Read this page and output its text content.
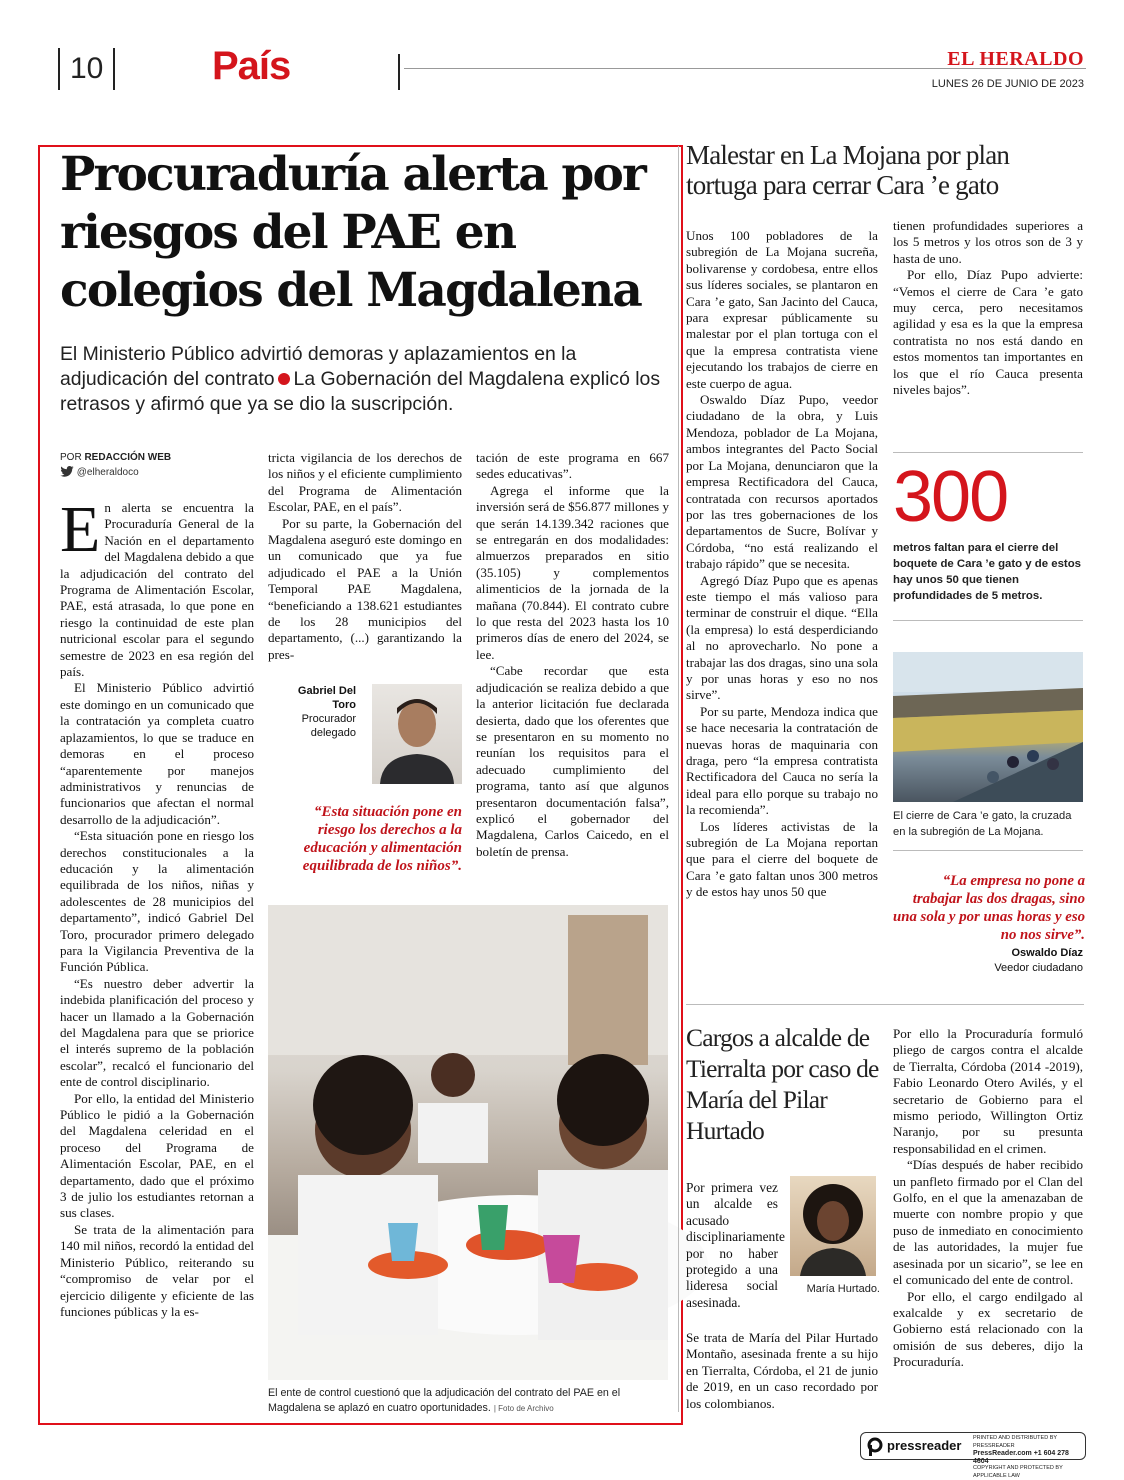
10	País	EL HERALDO
LUNES 26 DE JUNIO DE 2023
Procuraduría alerta por riesgos del PAE en colegios del Magdalena
El Ministerio Público advirtió demoras y aplazamientos en la adjudicación del contrato La Gobernación del Magdalena explicó los retrasos y afirmó que ya se dio la suscripción.
POR REDACCIÓN WEB
@elheraldoco

En alerta se encuentra la Procuraduría General de la Nación en el departamento del Magdalena debido a que la adjudicación del contrato del Programa de Alimentación Escolar, PAE, está atrasada, lo que pone en riesgo la continuidad de este plan nutricional escolar para el segundo semestre de 2023 en esa región del país.

El Ministerio Público advirtió este domingo en un comunicado que la contratación ya completa cuatro aplazamientos, lo que se traduce en demoras en el proceso “aparentemente por manejos administrativos y renuncias de funcionarios que afectan el normal desarrollo de la adjudicación”.

“Esta situación pone en riesgo los derechos constitucionales a la educación y la alimentación equilibrada de los niños, niñas y adolescentes de 28 municipios del departamento”, indicó Gabriel Del Toro, procurador primero delegado para la Vigilancia Preventiva de la Función Pública.

“Es nuestro deber advertir la indebida planificación del proceso y hacer un llamado a la Gobernación del Magdalena para que se priorice el interés supremo de la población escolar”, recalcó el funcionario del ente de control disciplinario.

Por ello, la entidad del Ministerio Público le pidió a la Gobernación del Magdalena celeridad en el proceso del Programa de Alimentación Escolar, PAE, en el departamento, dado que el próximo 3 de julio los estudiantes retornan a sus clases.

Se trata de la alimentación para 140 mil niños, recordó la entidad del Ministerio Público, reiterando su “compromiso de velar por el ejercicio diligente y eficiente de las funciones públicas y la es-

tricta vigilancia de los derechos de los niños y el eficiente cumplimiento del Programa de Alimentación Escolar, PAE, en el país”.

Por su parte, la Gobernación del Magdalena aseguró este domingo en un comunicado que ya fue adjudicado el PAE a la Unión Temporal PAE Magdalena, “beneficiando a 138.621 estudiantes de los 28 municipios del departamento, (...) garantizando la pres-

Gabriel Del Toro
Procurador delegado
“Esta situación pone en riesgo los derechos a la educación y alimentación equilibrada de los niños”.

tación de este programa en 667 sedes educativas”.

Agrega el informe que la inversión será de $56.877 millones y que serán 14.139.342 raciones que se entregarán en dos modalidades: almuerzos preparados en sitio (35.105) y complementos alimenticios de la jornada de la mañana (70.844). El contrato cubre lo que resta del 2023 hasta los 10 primeros días de enero del 2024, se lee.

“Cabe recordar que esta adjudicación se realiza debido a que la anterior licitación fue declarada desierta, dado que los oferentes que se presentaron en su momento no reunían los requisitos para el adecuado cumplimiento del programa, tanto así que algunos presentaron documentación falsa”, explicó el gobernador del Magdalena, Carlos Caicedo, en el boletín de prensa.

El ente de control cuestionó que la adjudicación del contrato del PAE en el Magdalena se aplazó en cuatro oportunidades. | Foto de Archivo
Malestar en La Mojana por plan tortuga para cerrar Cara ’e gato

Unos 100 pobladores de la subregión de La Mojana sucreña, bolivarense y cordobesa, entre ellos sus líderes sociales, se plantaron en Cara ’e gato, San Jacinto del Cauca, para expresar públicamente su malestar por el plan tortuga con el que la empresa contratista viene ejecutando los trabajos de cierre en este cuerpo de agua.

Oswaldo Díaz Pupo, veedor ciudadano de la obra, y Luis Mendoza, poblador de La Mojana, ambos integrantes del Pacto Social por La Mojana, denunciaron que la empresa Rectificadora del Cauca, contratada con recursos aportados por las tres gobernaciones de los departamentos de Sucre, Bolívar y Córdoba, “no está realizando el trabajo rápido” que se necesita.

Agregó Díaz Pupo que es apenas este tiempo el más valioso para terminar de construir el dique. “Ella (la empresa) lo está desperdiciando al no aprovecharlo. No pone a trabajar las dos dragas, sino una sola y por unas horas y eso no nos sirve”.

Por su parte, Mendoza indica que se hace necesaria la contratación de nuevas horas de maquinaria con draga, pero “la empresa contratista Rectificadora del Cauca no sería la ideal para ello porque su trabajo no la recomienda”.

Los líderes activistas de la subregión de La Mojana reportan que para el cierre del boquete de Cara ’e gato faltan unos 300 metros y de estos hay unos 50 que

tienen profundidades superiores a los 5 metros y los otros son de 3 y hasta de uno.

Por ello, Díaz Pupo advierte: “Vemos el cierre de Cara ’e gato muy cerca, pero necesitamos agilidad y esa es la que la empresa contratista no nos está dando en estos momentos tan importantes en los que el río Cauca presenta niveles bajos”.

300
metros faltan para el cierre del boquete de Cara ’e gato y de estos hay unos 50 que tienen profundidades de 5 metros.
El cierre de Cara ’e gato, la cruzada en la subregión de La Mojana.
“La empresa no pone a trabajar las dos dragas, sino una sola y por unas horas y eso no nos sirve”.
Oswaldo Díaz
Veedor ciudadano
Cargos a alcalde de Tierralta por caso de María del Pilar Hurtado
Por primera vez un alcalde es acusado disciplinariamente por no haber protegido a una lideresa social asesinada.
María Hurtado.

Se trata de María del Pilar Hurtado Montaño, asesinada frente a su hijo en Tierralta, Córdoba, el 21 de junio de 2019, en un caso recordado por los colombianos.

Por ello la Procuraduría formuló pliego de cargos contra el alcalde de Tierralta, Córdoba (2014 -2019), Fabio Leonardo Otero Avilés, y el secretario de Gobierno para el mismo periodo, Willington Ortiz Naranjo, por su presunta responsabilidad en el crimen.

“Días después de haber recibido un panfleto firmado por el Clan del Golfo, en el que la amenazaban de muerte con nombre propio y que puso de inmediato en conocimiento de las autoridades, la mujer fue asesinada por un sicario”, se lee en el comunicado del ente de control.

Por ello, el cargo endilgado al exalcalde y ex secretario de Gobierno está relacionado con la omisión de sus deberes, dijo la Procuraduría.

pressreader PRINTED AND DISTRIBUTED BY PRESSREADER
PressReader.com +1 604 278 4604
COPYRIGHT AND PROTECTED BY APPLICABLE LAW
